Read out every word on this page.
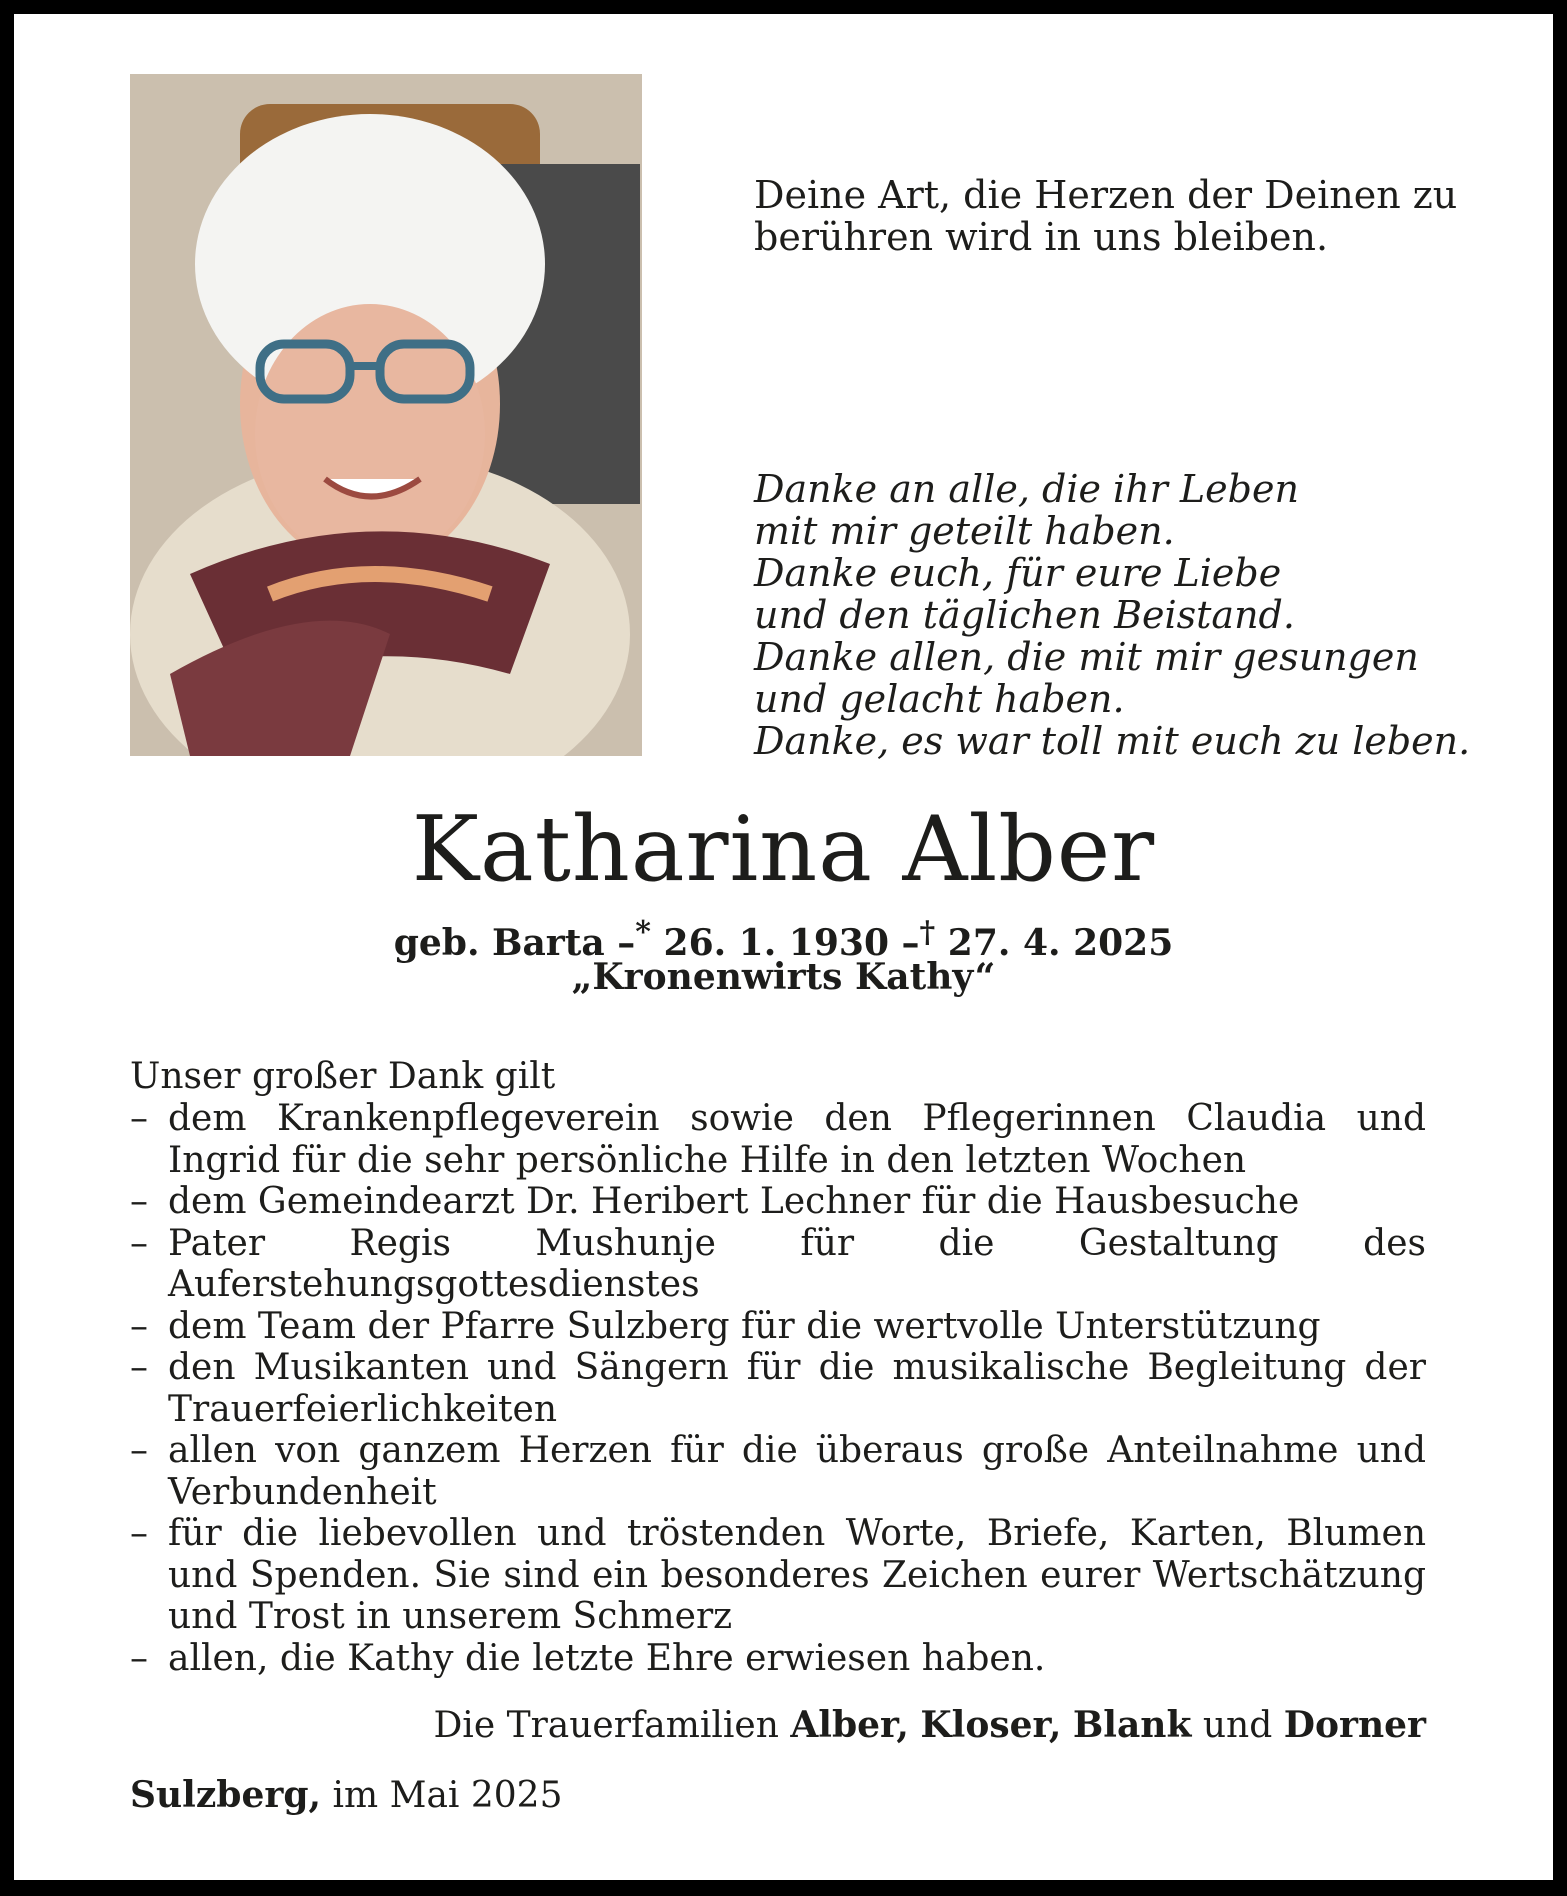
Deine Art, die Herzen der Deinen zu
berühren wird in uns bleiben.
Danke an alle, die ihr Leben
mit mir geteilt haben.
Danke euch, für eure Liebe
und den täglichen Beistand.
Danke allen, die mit mir gesungen
und gelacht haben.
Danke, es war toll mit euch zu leben.
Katharina Alber
geb. Barta –* 26. 1. 1930 –† 27. 4. 2025
„Kronenwirts Kathy“

Unser großer Dank gilt

– dem Krankenpflegeverein sowie den Pflegerinnen Claudia und Ingrid für die sehr persönliche Hilfe in den letzten Wochen
– dem Gemeindearzt Dr. Heribert Lechner für die Hausbesuche
– Pater Regis Mushunje für die Gestaltung des Auferstehungsgottesdienstes
– dem Team der Pfarre Sulzberg für die wertvolle Unterstützung
– den Musikanten und Sängern für die musikalische Begleitung der Trauerfeierlichkeiten
– allen von ganzem Herzen für die überaus große Anteilnahme und Verbundenheit
– für die liebevollen und tröstenden Worte, Briefe, Karten, Blumen und Spenden. Sie sind ein besonderes Zeichen eurer Wertschätzung und Trost in unserem Schmerz
– allen, die Kathy die letzte Ehre erwiesen haben.
Die Trauerfamilien Alber, Kloser, Blank und Dorner
Sulzberg, im Mai 2025
